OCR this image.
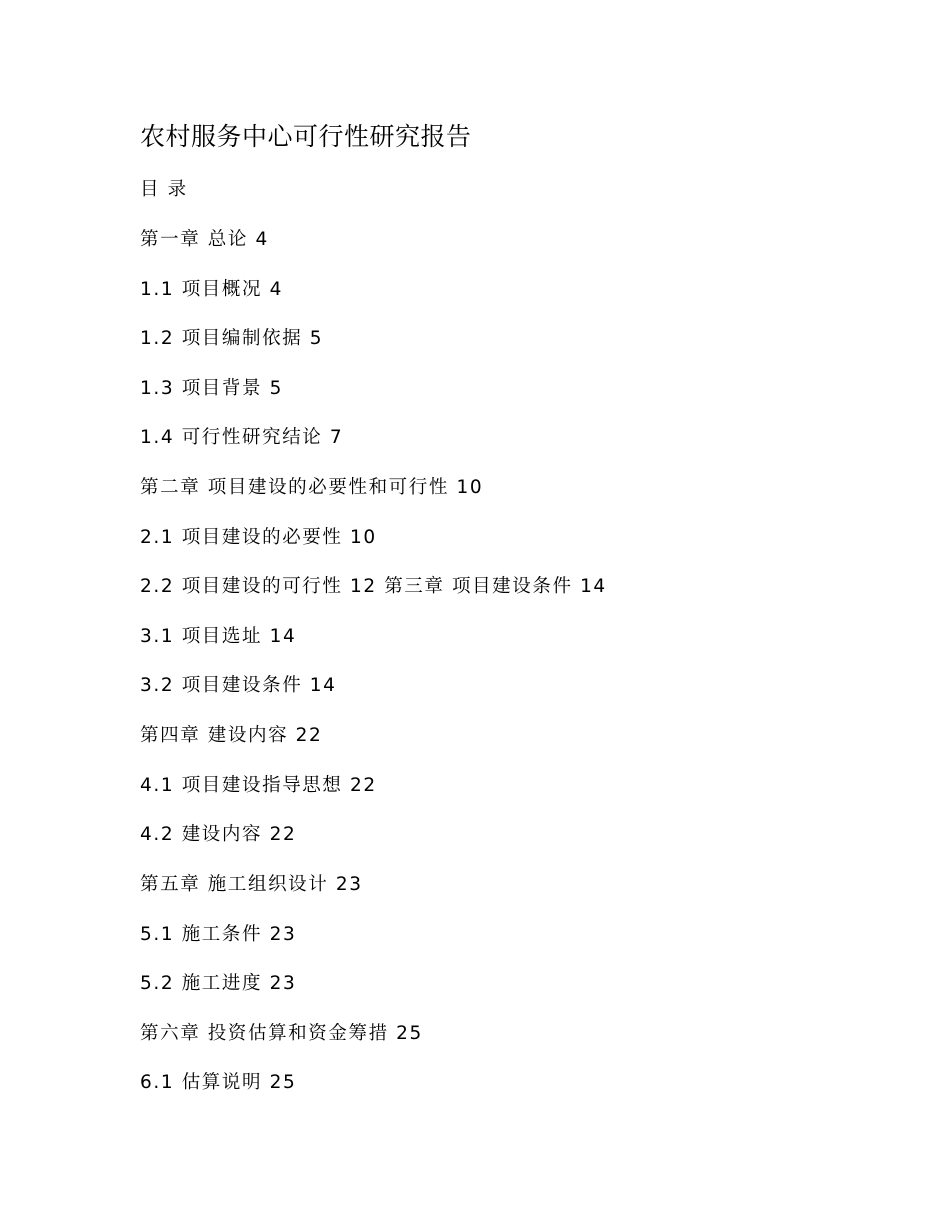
农村服务中心可行性研究报告
目 录
第一章 总论 4
1.1 项目概况 4
1.2 项目编制依据 5
1.3 项目背景 5
1.4 可行性研究结论 7
第二章 项目建设的必要性和可行性 10
2.1 项目建设的必要性 10
2.2 项目建设的可行性 12 第三章 项目建设条件 14
3.1 项目选址 14
3.2 项目建设条件 14
第四章 建设内容 22
4.1 项目建设指导思想 22
4.2 建设内容 22
第五章 施工组织设计 23
5.1 施工条件 23
5.2 施工进度 23
第六章 投资估算和资金筹措 25
6.1 估算说明 25
